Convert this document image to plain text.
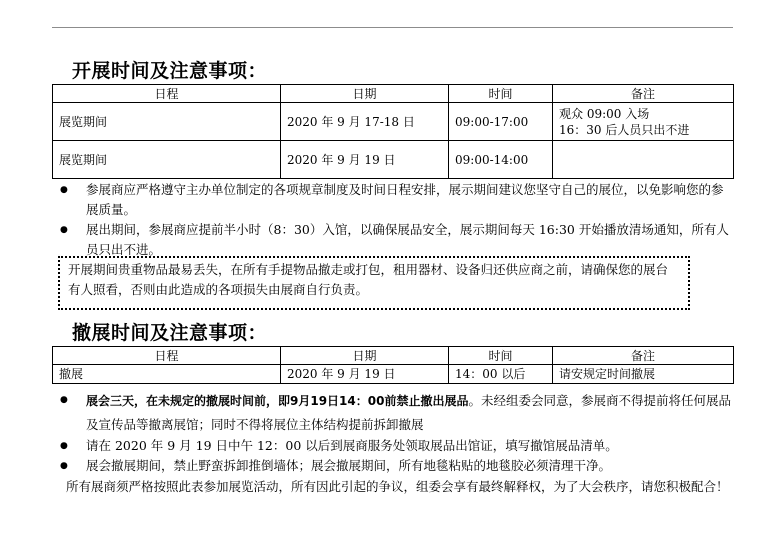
开展时间及注意事项：
日程	日期	时间	备注
展览期间	2020 年 9 月 17-18 日	09:00-17:00	观众 09:00 入场
16：30 后人员只出不进

展览期间	2020 年 9 月 19 日	09:00-14:00	
● 参展商应严格遵守主办单位制定的各项规章制度及时间日程安排，展示期间建议您坚守自己的展位，以免影响您的参展质量。
● 展出期间，参展商应提前半小时（8：30）入馆，以确保展品安全，展示期间每天 16:30 开始播放清场通知，所有人员只出不进。
开展期间贵重物品最易丢失，在所有手提物品撤走或打包，租用器材、设备归还供应商之前，请确保您的展台有人照看，否则由此造成的各项损失由展商自行负责。
撤展时间及注意事项：
日程	日期	时间	备注
撤展	2020 年 9 月 19 日	14：00 以后	请安规定时间撤展
● 展会三天，在未规定的撤展时间前，即9月19日14：00前禁止撤出展品。未经组委会同意，参展商不得提前将任何展品及宣传品等撤离展馆；同时不得将展位主体结构提前拆卸撤展
● 请在 2020 年 9 月 19 日中午 12：00 以后到展商服务处领取展品出馆证，填写撤馆展品清单。
● 展会撤展期间，禁止野蛮拆卸推倒墙体；展会撤展期间，所有地毯粘贴的地毯胶必须清理干净。
所有展商须严格按照此表参加展览活动，所有因此引起的争议，组委会享有最终解释权，为了大会秩序，请您积极配合！
